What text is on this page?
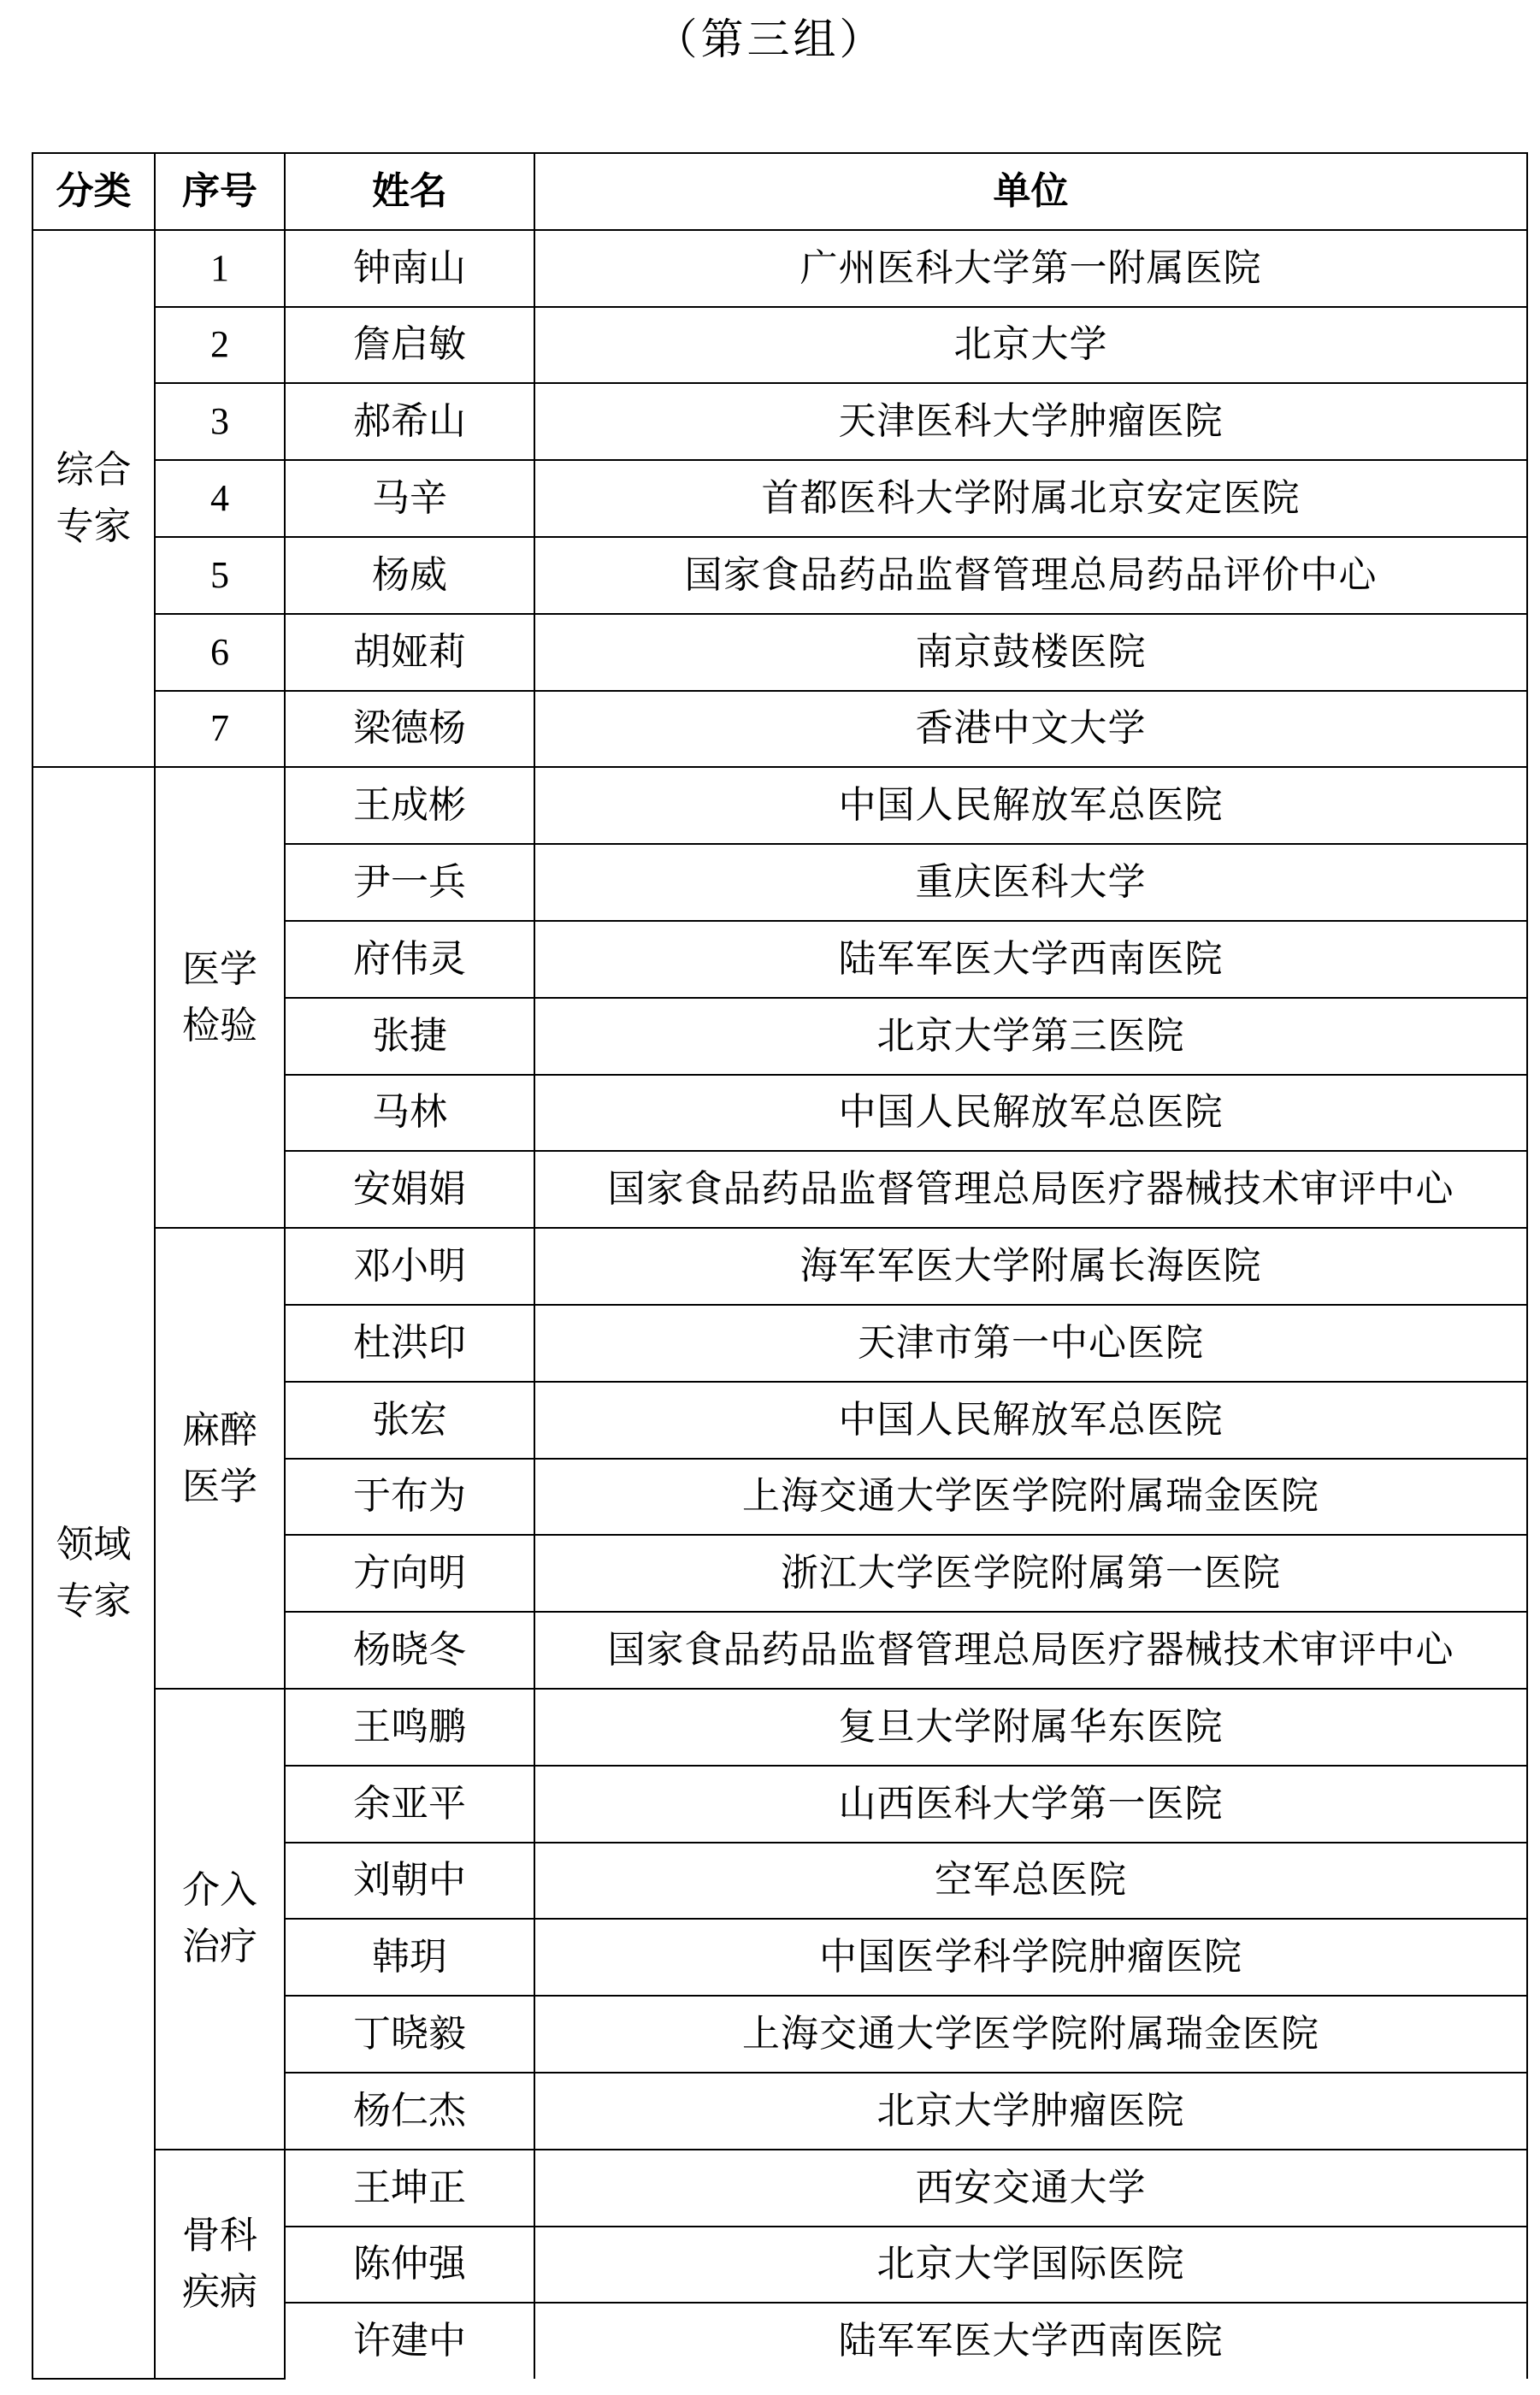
（第三组）
分类	序号	姓名	单位
综合专家	1	钟南山	广州医科大学第一附属医院
	2	詹启敏	北京大学
	3	郝希山	天津医科大学肿瘤医院
	4	马辛	首都医科大学附属北京安定医院
	5	杨威	国家食品药品监督管理总局药品评价中心
	6	胡娅莉	南京鼓楼医院
	7	梁德杨	香港中文大学
领域专家	医学检验	王成彬	中国人民解放军总医院
		尹一兵	重庆医科大学
		府伟灵	陆军军医大学西南医院
		张捷	北京大学第三医院
		马林	中国人民解放军总医院
		安娟娟	国家食品药品监督管理总局医疗器械技术审评中心
	麻醉医学	邓小明	海军军医大学附属长海医院
		杜洪印	天津市第一中心医院
		张宏	中国人民解放军总医院
		于布为	上海交通大学医学院附属瑞金医院
		方向明	浙江大学医学院附属第一医院
		杨晓冬	国家食品药品监督管理总局医疗器械技术审评中心
	介入治疗	王鸣鹏	复旦大学附属华东医院
		余亚平	山西医科大学第一医院
		刘朝中	空军总医院
		韩玥	中国医学科学院肿瘤医院
		丁晓毅	上海交通大学医学院附属瑞金医院
		杨仁杰	北京大学肿瘤医院
	骨科疾病	王坤正	西安交通大学
		陈仲强	北京大学国际医院
		许建中	陆军军医大学西南医院
